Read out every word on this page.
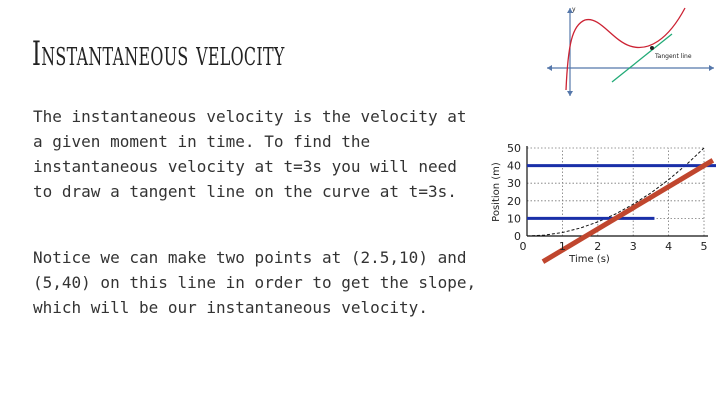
Instantaneous velocity

The instantaneous velocity is the velocity at a given moment in time. To find the instantaneous velocity at t=3s you will need to draw a tangent line on the curve at t=3s.

Notice we can make two points at (2.5,10) and (5,40) on this line in order to get the slope, which will be our instantaneous velocity.

y
Tangent line
0
10
20
30
40
50
0	1	2	3	4	5
Time (s)
Position (m)
